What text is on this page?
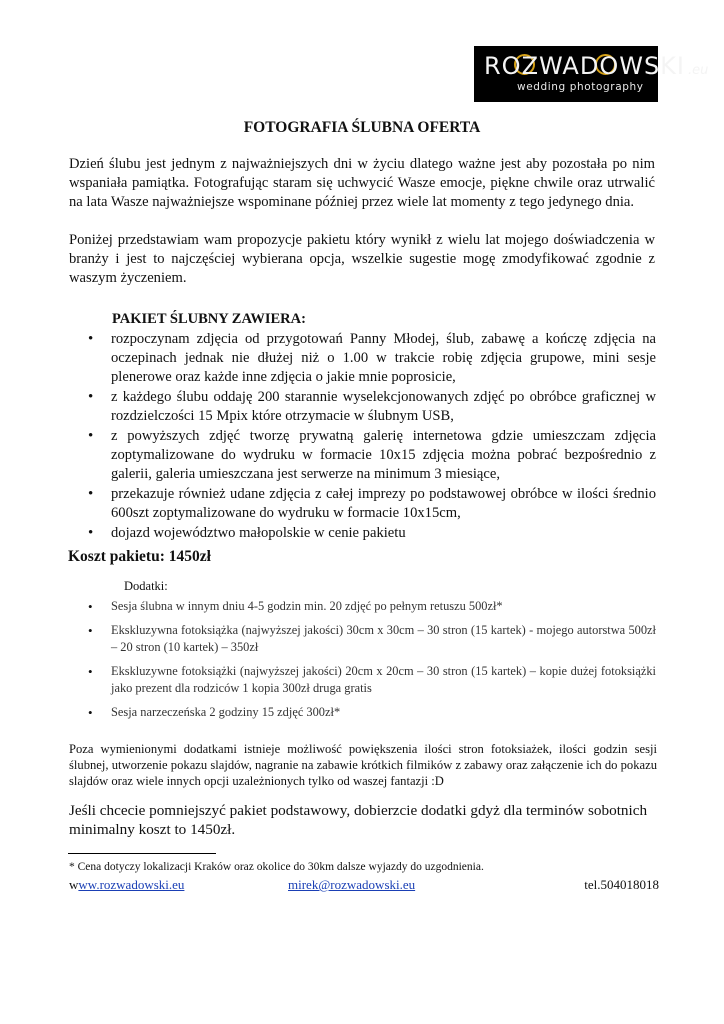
ROZWADOWSKI .eu
wedding photography
FOTOGRAFIA ŚLUBNA OFERTA

Dzień ślubu jest jednym z najważniejszych dni w życiu dlatego ważne jest aby pozostała po nim wspaniała pamiątka. Fotografując staram się uchwycić Wasze emocje, piękne chwile oraz utrwalić na lata Wasze najważniejsze wspominane później przez wiele lat momenty z tego jedynego dnia.

Poniżej przedstawiam wam propozycje pakietu który wynikł z wielu lat mojego doświadczenia w branży i jest to najczęściej wybierana opcja, wszelkie sugestie mogę zmodyfikować zgodnie z waszym życzeniem.

PAKIET ŚLUBNY ZAWIERA:
• rozpoczynam zdjęcia od przygotowań Panny Młodej, ślub, zabawę a kończę zdjęcia na oczepinach jednak nie dłużej niż o 1.00 w trakcie robię zdjęcia grupowe, mini sesje plenerowe oraz każde inne zdjęcia o jakie mnie poprosicie,
• z każdego ślubu oddaję 200 starannie wyselekcjonowanych zdjęć po obróbce graficznej w rozdzielczości 15 Mpix które otrzymacie w ślubnym USB,
• z powyższych zdjęć tworzę prywatną galerię internetowa gdzie umieszczam zdjęcia zoptymalizowane do wydruku w formacie 10x15 zdjęcia można pobrać bezpośrednio z galerii, galeria umieszczana jest serwerze na minimum 3 miesiące,
• przekazuje również udane zdjęcia z całej imprezy po podstawowej obróbce w ilości średnio 600szt zoptymalizowane do wydruku w formacie 10x15cm,
• dojazd województwo małopolskie w cenie pakietu

Koszt pakietu: 1450zł

Dodatki:

• Sesja ślubna w innym dniu 4-5 godzin min. 20 zdjęć po pełnym retuszu 500zł*
• Ekskluzywna fotoksiążka (najwyższej jakości) 30cm x 30cm – 30 stron (15 kartek) - mojego autorstwa 500zł – 20 stron (10 kartek) – 350zł
• Ekskluzywne fotoksiążki (najwyższej jakości) 20cm x 20cm – 30 stron (15 kartek) – kopie dużej fotoksiążki jako prezent dla rodziców 1 kopia 300zł druga gratis
• Sesja narzeczeńska 2 godziny 15 zdjęć 300zł*

Poza wymienionymi dodatkami istnieje możliwość powiększenia ilości stron fotoksiażek, ilości godzin sesji ślubnej, utworzenie pokazu slajdów, nagranie na zabawie krótkich filmików z zabawy oraz załączenie ich do pokazu slajdów oraz wiele innych opcji uzależnionych tylko od waszej fantazji :D

Jeśli chcecie pomniejszyć pakiet podstawowy, dobierzcie dodatki gdyż dla terminów sobotnich minimalny koszt to 1450zł.

* Cena dotyczy lokalizacji Kraków oraz okolice do 30km dalsze wyjazdy do uzgodnienia.

www.rozwadowski.eu	mirek@rozwadowski.eu	tel.504018018
